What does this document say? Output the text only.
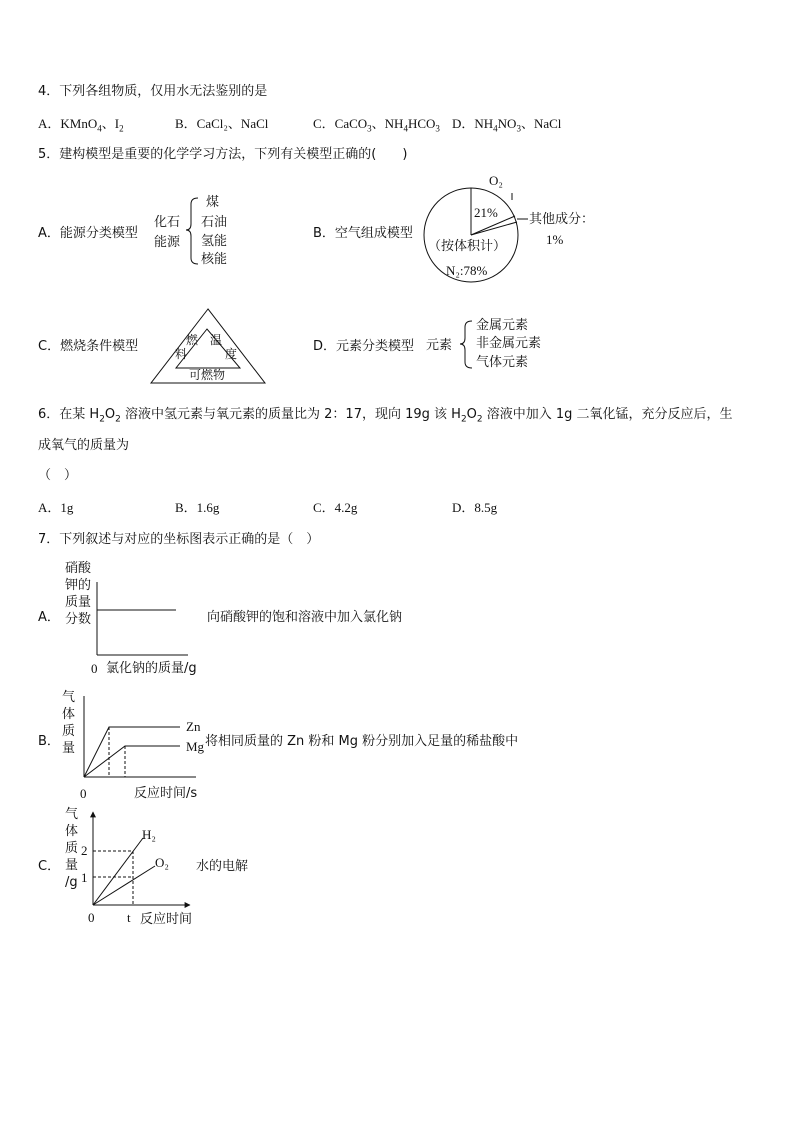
4．下列各组物质，仅用水无法鉴别的是
A．KMnO$_4$、$I_2$	B．CaCl₂、NaCl	C．CaCO$_3$、$NH_4HCO_3$ D．$NH_4NO_3$、NaCl
5．建构模型是重要的化学学习方法，下列有关模型正确的(　　)
A．能源分类模型
化石
能源
煤
石油
氢能
核能
B．空气组成模型
O₂
21%
（按体积计）
N₂:78%
其他成分：
1%
C．燃烧条件模型	燃
料
温
度
可燃物
D．元素分类模型 元素
金属元素
非金属元素
气体元素
6．在某 $H_2O_2$ 溶液中氢元素与氧元素的质量比为 2：17，现向 19g 该 $H_2O_2$ 溶液中加入 1g 二氧化锰，充分反应后，生
成氧气的质量为
（　）
A．1g	B．1.6g	C．4.2g	D．8.5g
7．下列叙述与对应的坐标图表示正确的是（　）
A．
硝酸
钾的
质量
分数
0 氯化钠的质量/g
向硝酸钾的饱和溶液中加入氯化钠
B．
气
体
质
量
Zn
Mg
0	反应时间/s
将相同质量的 Zn 粉和 Mg 粉分别加入足量的稀盐酸中
C．
气
体
质
量
/g
2
1
H₂
O₂
0	t 反应时间
水的电解
